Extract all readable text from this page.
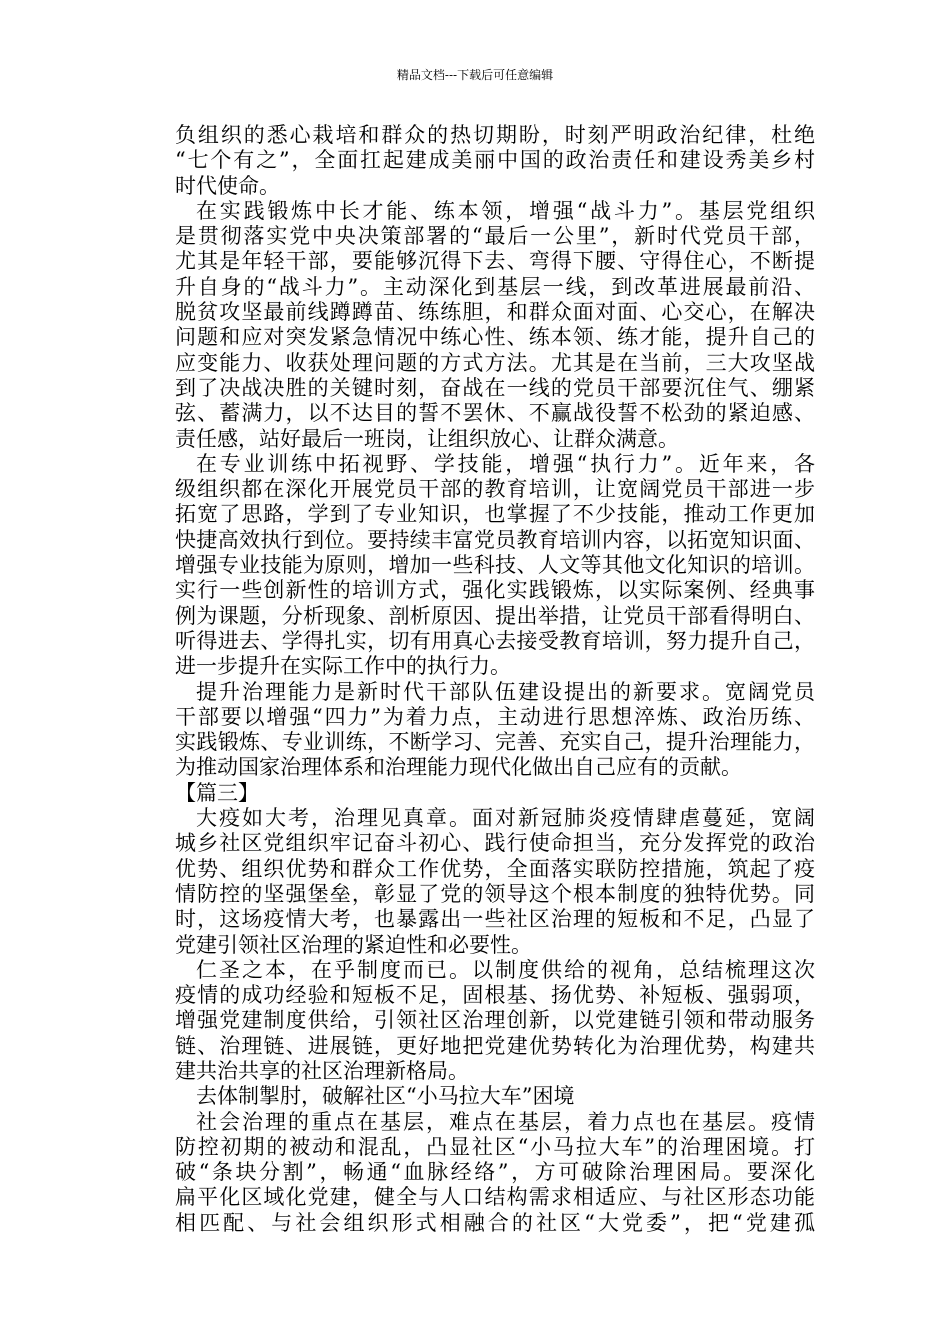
精品文档---下载后可任意编辑
负组织的悉心栽培和群众的热切期盼，时刻严明政治纪律，杜绝
“七个有之”，全面扛起建成美丽中国的政治责任和建设秀美乡村
时代使命。
在实践锻炼中长才能、练本领，增强“战斗力”。基层党组织
是贯彻落实党中央决策部署的“最后一公里”，新时代党员干部，
尤其是年轻干部，要能够沉得下去、弯得下腰、守得住心，不断提
升自身的“战斗力”。主动深化到基层一线，到改革进展最前沿、
脱贫攻坚最前线蹲蹲苗、练练胆，和群众面对面、心交心，在解决
问题和应对突发紧急情况中练心性、练本领、练才能，提升自己的
应变能力、收获处理问题的方式方法。尤其是在当前，三大攻坚战
到了决战决胜的关键时刻，奋战在一线的党员干部要沉住气、绷紧
弦、蓄满力，以不达目的誓不罢休、不赢战役誓不松劲的紧迫感、
责任感，站好最后一班岗，让组织放心、让群众满意。
在专业训练中拓视野、学技能，增强“执行力”。近年来，各
级组织都在深化开展党员干部的教育培训，让宽阔党员干部进一步
拓宽了思路，学到了专业知识，也掌握了不少技能，推动工作更加
快捷高效执行到位。要持续丰富党员教育培训内容，以拓宽知识面、
增强专业技能为原则，增加一些科技、人文等其他文化知识的培训。
实行一些创新性的培训方式，强化实践锻炼，以实际案例、经典事
例为课题，分析现象、剖析原因、提出举措，让党员干部看得明白、
听得进去、学得扎实，切有用真心去接受教育培训，努力提升自己，
进一步提升在实际工作中的执行力。
提升治理能力是新时代干部队伍建设提出的新要求。宽阔党员
干部要以增强“四力”为着力点，主动进行思想淬炼、政治历练、
实践锻炼、专业训练，不断学习、完善、充实自己，提升治理能力，
为推动国家治理体系和治理能力现代化做出自己应有的贡献。
【篇三】
大疫如大考，治理见真章。面对新冠肺炎疫情肆虐蔓延，宽阔
城乡社区党组织牢记奋斗初心、践行使命担当，充分发挥党的政治
优势、组织优势和群众工作优势，全面落实联防控措施，筑起了疫
情防控的坚强堡垒，彰显了党的领导这个根本制度的独特优势。同
时，这场疫情大考，也暴露出一些社区治理的短板和不足，凸显了
党建引领社区治理的紧迫性和必要性。
仁圣之本，在乎制度而已。以制度供给的视角，总结梳理这次
疫情的成功经验和短板不足，固根基、扬优势、补短板、强弱项，
增强党建制度供给，引领社区治理创新，以党建链引领和带动服务
链、治理链、进展链，更好地把党建优势转化为治理优势，构建共
建共治共享的社区治理新格局。
去体制掣肘，破解社区“小马拉大车”困境
社会治理的重点在基层，难点在基层，着力点也在基层。疫情
防控初期的被动和混乱，凸显社区“小马拉大车”的治理困境。打
破“条块分割”，畅通“血脉经络”，方可破除治理困局。要深化
扁平化区域化党建，健全与人口结构需求相适应、与社区形态功能
相匹配、与社会组织形式相融合的社区“大党委”，把“党建孤
